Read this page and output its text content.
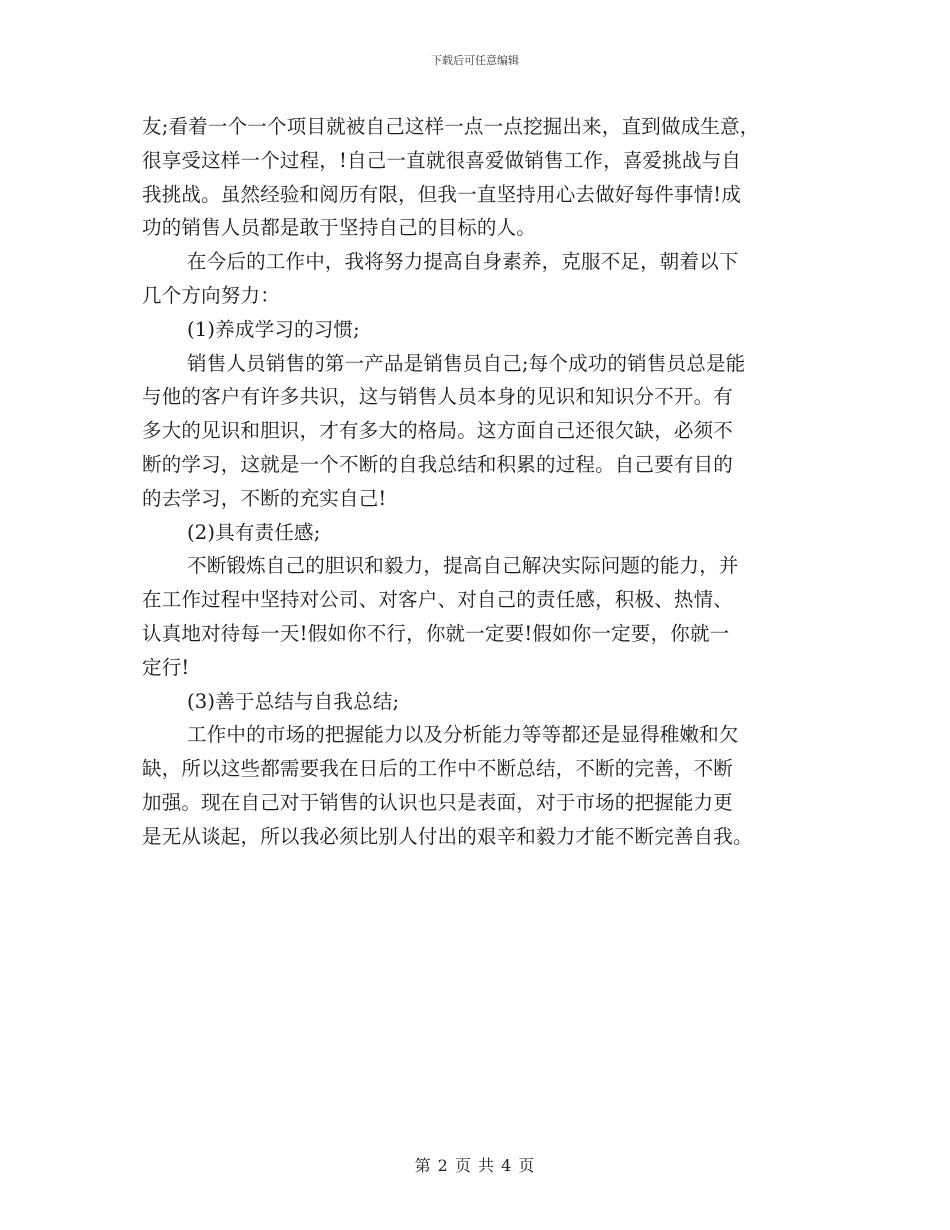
下载后可任意编辑
友;看着一个一个项目就被自己这样一点一点挖掘出来，直到做成生意，
很享受这样一个过程，!自己一直就很喜爱做销售工作，喜爱挑战与自
我挑战。虽然经验和阅历有限，但我一直坚持用心去做好每件事情!成
功的销售人员都是敢于坚持自己的目标的人。
在今后的工作中，我将努力提高自身素养，克服不足，朝着以下
几个方向努力：
(1)养成学习的习惯;
销售人员销售的第一产品是销售员自己;每个成功的销售员总是能
与他的客户有许多共识，这与销售人员本身的见识和知识分不开。有
多大的见识和胆识，才有多大的格局。这方面自己还很欠缺，必须不
断的学习，这就是一个不断的自我总结和积累的过程。自己要有目的
的去学习，不断的充实自己!
(2)具有责任感;
不断锻炼自己的胆识和毅力，提高自己解决实际问题的能力，并
在工作过程中坚持对公司、对客户、对自己的责任感，积极、热情、
认真地对待每一天!假如你不行，你就一定要!假如你一定要，你就一
定行!
(3)善于总结与自我总结;
工作中的市场的把握能力以及分析能力等等都还是显得稚嫩和欠
缺，所以这些都需要我在日后的工作中不断总结，不断的完善，不断
加强。现在自己对于销售的认识也只是表面，对于市场的把握能力更
是无从谈起，所以我必须比别人付出的艰辛和毅力才能不断完善自我。
第 2 页 共 4 页
